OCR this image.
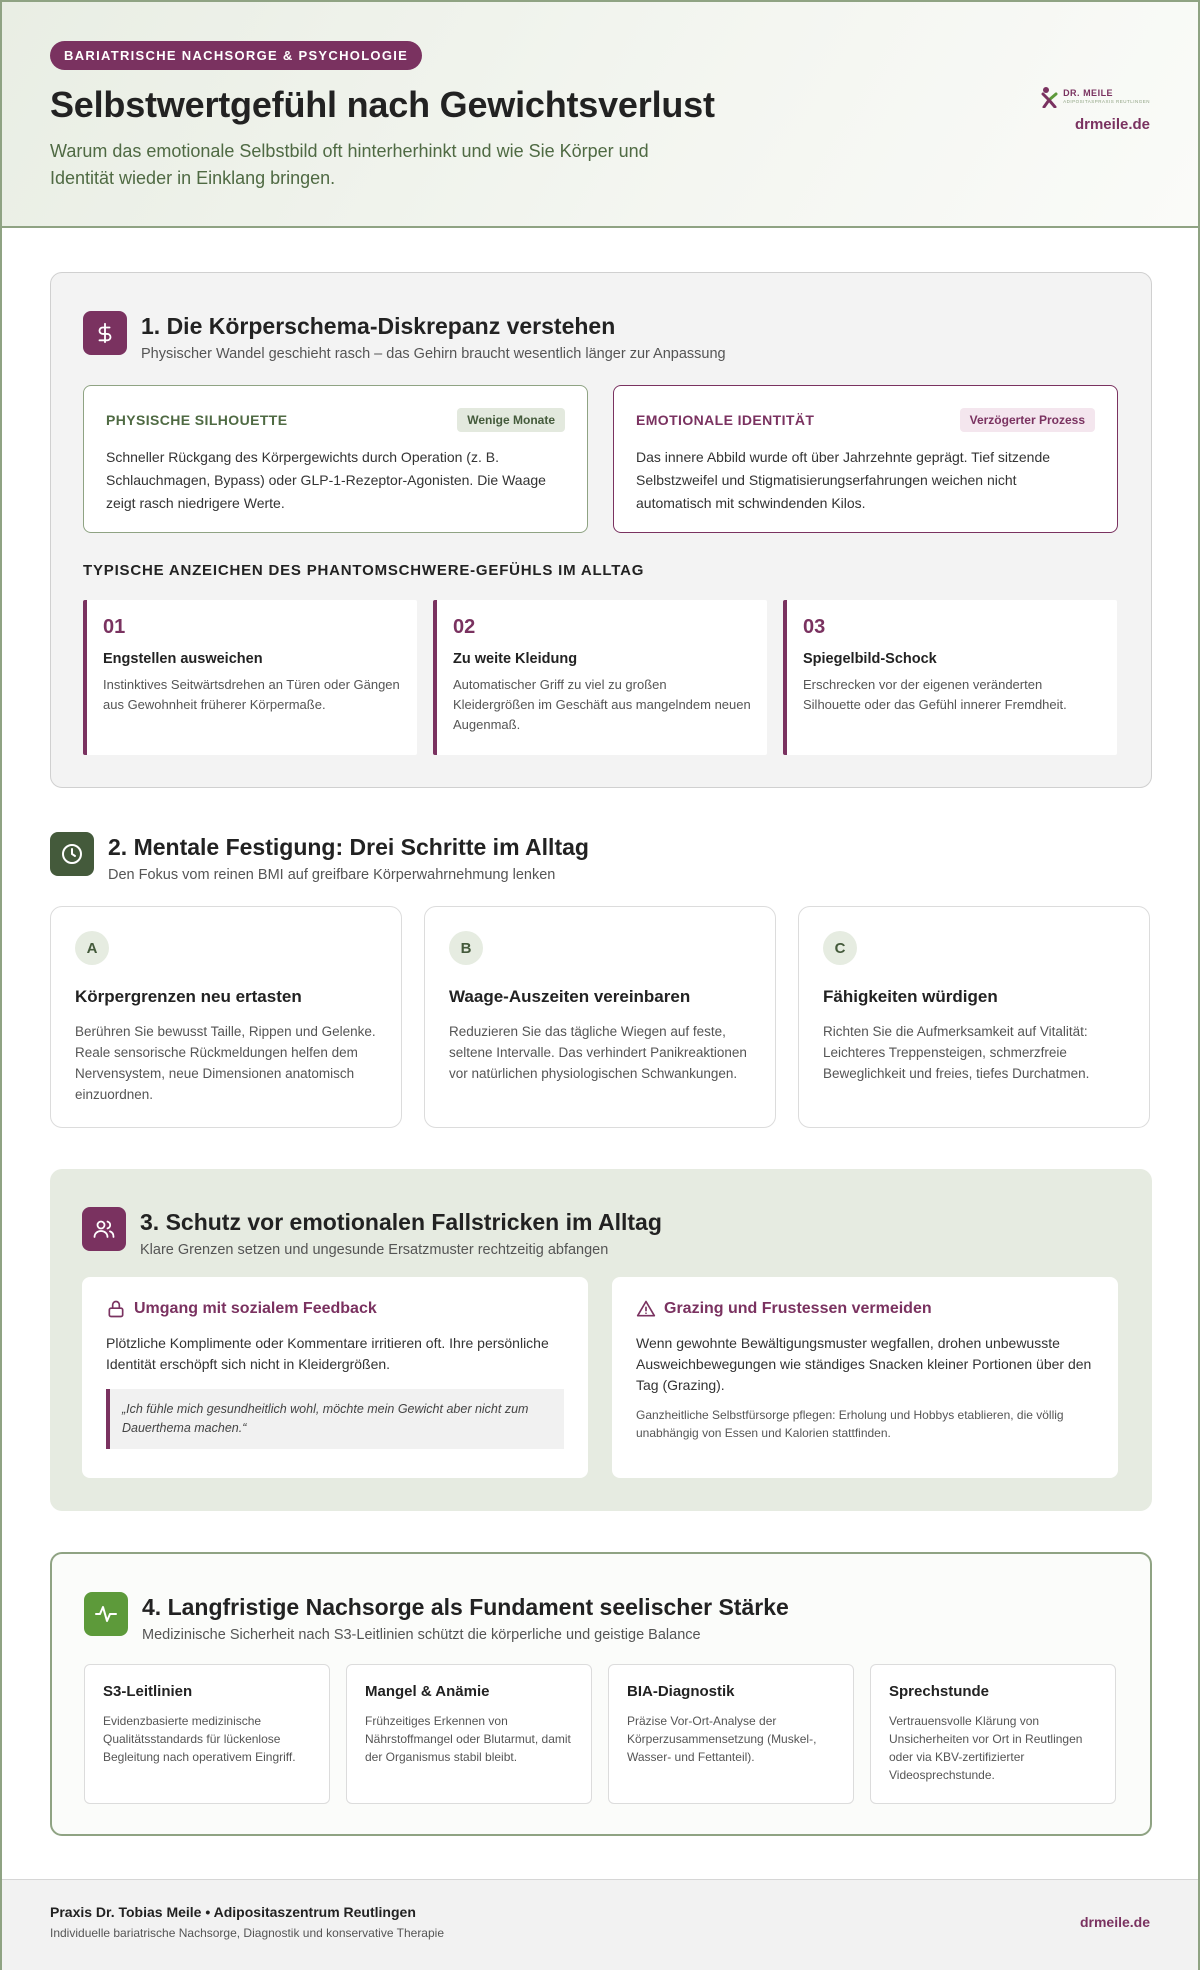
BARIATRISCHE NACHSORGE & PSYCHOLOGIE
Selbstwertgefühl nach Gewichtsverlust

Warum das emotionale Selbstbild oft hinterherhinkt und wie Sie Körper und Identität wieder in Einklang bringen.

DR. MEILE
ADIPOSITASPRAXIS REUTLINGEN
drmeile.de
1. Die Körperschema-Diskrepanz verstehen
Physischer Wandel geschieht rasch – das Gehirn braucht wesentlich länger zur Anpassung
PHYSISCHE SILHOUETTE	Wenige Monate

Schneller Rückgang des Körpergewichts durch Operation (z. B. Schlauchmagen, Bypass) oder GLP-1-Rezeptor-Agonisten. Die Waage zeigt rasch niedrigere Werte.

EMOTIONALE IDENTITÄT	Verzögerter Prozess

Das innere Abbild wurde oft über Jahrzehnte geprägt. Tief sitzende Selbstzweifel und Stigmatisierungserfahrungen weichen nicht automatisch mit schwindenden Kilos.

TYPISCHE ANZEICHEN DES PHANTOMSCHWERE-GEFÜHLS IM ALLTAG
01
Engstellen ausweichen

Instinktives Seitwärtsdrehen an Türen oder Gängen aus Gewohnheit früherer Körpermaße.

02
Zu weite Kleidung

Automatischer Griff zu viel zu großen Kleidergrößen im Geschäft aus mangelndem neuen Augenmaß.

03
Spiegelbild-Schock

Erschrecken vor der eigenen veränderten Silhouette oder das Gefühl innerer Fremdheit.

2. Mentale Festigung: Drei Schritte im Alltag
Den Fokus vom reinen BMI auf greifbare Körperwahrnehmung lenken
A
Körpergrenzen neu ertasten

Berühren Sie bewusst Taille, Rippen und Gelenke. Reale sensorische Rückmeldungen helfen dem Nervensystem, neue Dimensionen anatomisch einzuordnen.

B
Waage-Auszeiten vereinbaren

Reduzieren Sie das tägliche Wiegen auf feste, seltene Intervalle. Das verhindert Panikreaktionen vor natürlichen physiologischen Schwankungen.

C
Fähigkeiten würdigen

Richten Sie die Aufmerksamkeit auf Vitalität: Leichteres Treppensteigen, schmerzfreie Beweglichkeit und freies, tiefes Durchatmen.

3. Schutz vor emotionalen Fallstricken im Alltag
Klare Grenzen setzen und ungesunde Ersatzmuster rechtzeitig abfangen
Umgang mit sozialem Feedback

Plötzliche Komplimente oder Kommentare irritieren oft. Ihre persönliche Identität erschöpft sich nicht in Kleidergrößen.

„Ich fühle mich gesundheitlich wohl, möchte mein Gewicht aber nicht zum Dauerthema machen.“
Grazing und Frustessen vermeiden

Wenn gewohnte Bewältigungsmuster wegfallen, drohen unbewusste Ausweichbewegungen wie ständiges Snacken kleiner Portionen über den Tag (Grazing).

Ganzheitliche Selbstfürsorge pflegen: Erholung und Hobbys etablieren, die völlig unabhängig von Essen und Kalorien stattfinden.

4. Langfristige Nachsorge als Fundament seelischer Stärke
Medizinische Sicherheit nach S3-Leitlinien schützt die körperliche und geistige Balance
S3-Leitlinien

Evidenzbasierte medizinische Qualitätsstandards für lückenlose Begleitung nach operativem Eingriff.

Mangel & Anämie

Frühzeitiges Erkennen von Nährstoffmangel oder Blutarmut, damit der Organismus stabil bleibt.

BIA-Diagnostik

Präzise Vor-Ort-Analyse der Körperzusammensetzung (Muskel-, Wasser- und Fettanteil).

Sprechstunde

Vertrauensvolle Klärung von Unsicherheiten vor Ort in Reutlingen oder via KBV-zertifizierter Videosprechstunde.

Praxis Dr. Tobias Meile • Adipositaszentrum Reutlingen
Individuelle bariatrische Nachsorge, Diagnostik und konservative Therapie
drmeile.de
